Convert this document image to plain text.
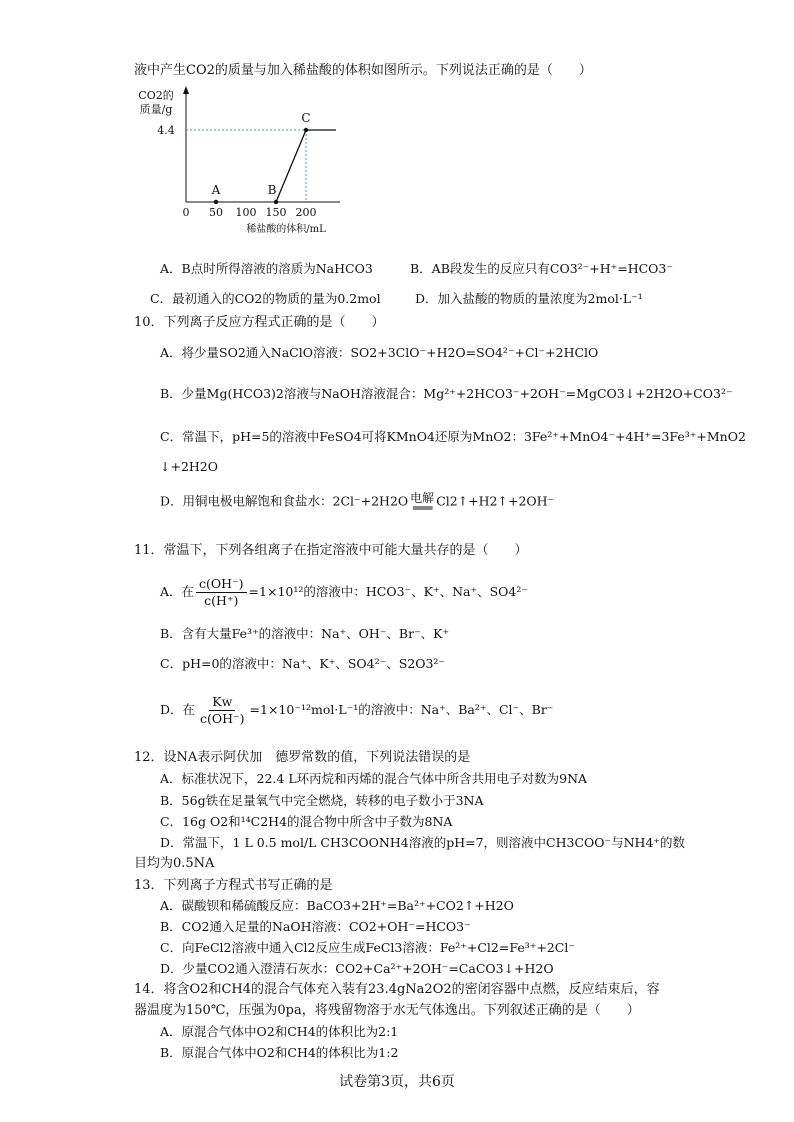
液中产生CO2的质量与加入稀盐酸的体积如图所示。下列说法正确的是（　　）
CO2的
质量/g
稀盐酸的体积/mL
0 50 100 150 200
4.4
A	B
C
A．B点时所得溶液的溶质为NaHCO3	B．AB段发生的反应只有CO3²⁻+H⁺=HCO3⁻
C．最初通入的CO2的物质的量为0.2mol	D．加入盐酸的物质的量浓度为2mol·L⁻¹
10．下列离子反应方程式正确的是（　　）
A．将少量SO2通入NaClO溶液：SO2+3ClO⁻+H2O=SO4²⁻+Cl⁻+2HClO
B．少量Mg(HCO3)2溶液与NaOH溶液混合：Mg²⁺+2HCO3⁻+2OH⁻=MgCO3↓+2H2O+CO3²⁻
C．常温下，pH=5的溶液中FeSO4可将KMnO4还原为MnO2：3Fe²⁺+MnO4⁻+4H⁺=3Fe³⁺+MnO2
↓+2H2O
D．用铜电极电解饱和食盐水：2Cl⁻+2H2O 电解
═══ Cl2↑+H2↑+2OH⁻
11．常温下，下列各组离子在指定溶液中可能大量共存的是（　　）
A．在 $\frac{c(OH^-)}{c(H^+)} =1\times 10^{12}$的溶液中：HCO3⁻、K⁺、Na⁺、SO4²⁻
B．含有大量Fe³⁺的溶液中：Na⁺、OH⁻、Br⁻、K⁺
C．pH=0的溶液中：Na⁺、K⁺、SO4²⁻、S2O3²⁻
D．在 $\frac{Kw}{c(OH^-)} =1\times 10^{-12}mol\cdot L^{-1}$的溶液中：Na⁺、Ba²⁺、Cl⁻、Br⁻
12．设NA表示阿伏加　德罗常数的值，下列说法错误的是
A．标准状况下，22.4 L环丙烷和丙烯的混合气体中所含共用电子对数为9NA
B．56g铁在足量氧气中完全燃烧，转移的电子数小于3NA
C．16g O2和¹⁴C2H4的混合物中所含中子数为8NA
D．常温下，1 L 0.5 mol/L CH3COONH4溶液的pH=7，则溶液中CH3COO⁻与NH4⁺的数
目均为0.5NA
13．下列离子方程式书写正确的是
A．碳酸钡和稀硫酸反应：BaCO3+2H⁺=Ba²⁺+CO2↑+H2O
B．CO2通入足量的NaOH溶液：CO2+OH⁻=HCO3⁻
C．向FeCl2溶液中通入Cl2反应生成FeCl3溶液：Fe²⁺+Cl2=Fe³⁺+2Cl⁻
D．少量CO2通入澄清石灰水：CO2+Ca²⁺+2OH⁻=CaCO3↓+H2O
14．将含O2和CH4的混合气体充入装有23.4gNa2O2的密闭容器中点燃，反应结束后，容
器温度为150℃，压强为0pa，将残留物溶于水无气体逸出。下列叙述正确的是（　　）
A．原混合气体中O2和CH4的体积比为2:1
B．原混合气体中O2和CH4的体积比为1:2
试卷第3页，共6页
